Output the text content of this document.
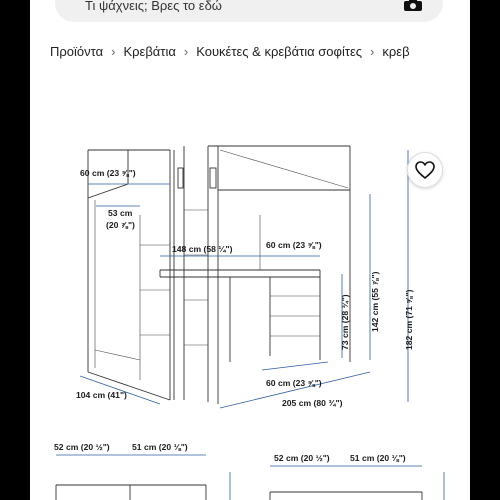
Τι ψάχνεις; Βρες το εδώ
Προϊόντα › Κρεβάτια › Κουκέτες & κρεβάτια σοφίτες › κρεβ
60 cm (23 ⅝")
53 cm
(20 ⅞")
148 cm (58 ¼")	60 cm (23 ⅝")
182 cm (71 ⅝")
142 cm (55 ⅞")
73 cm (28 ¾")
60 cm (23 ⅝")
104 cm (41")
205 cm (80 ¾")
52 cm (20 ½")	51 cm (20 ⅛")
52 cm (20 ½") 51 cm (20 ⅛")
